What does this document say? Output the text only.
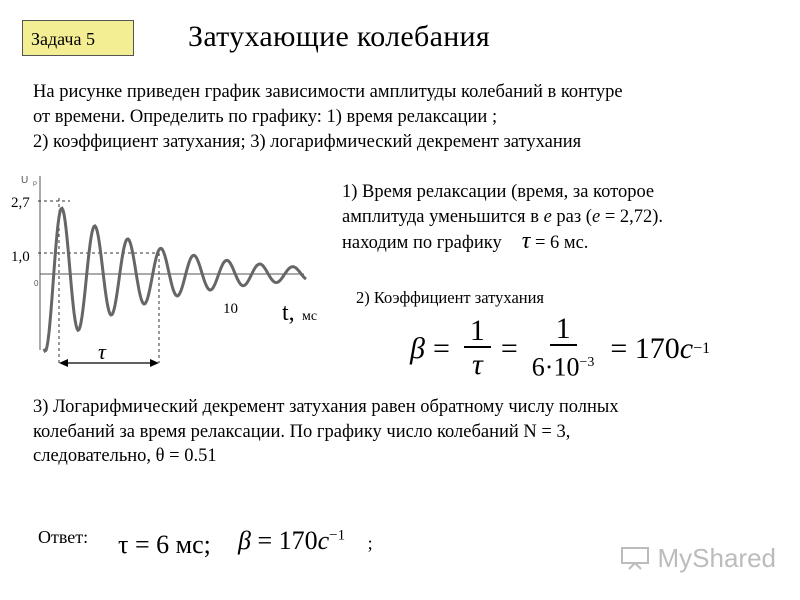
Задача 5	Затухающие колебания
На рисунке приведен график зависимости амплитуды колебаний в контуре
от времени. Определить по графику: 1) время релаксации ;
2) коэффициент затухания; 3) логарифмический декремент затухания
U P
2,7
1,0
0
10 t, мс
τ
1) Время релаксации (время, за которое
амплитуда уменьшится в е раз (е = 2,72).
находим по графику τ = 6 мс.
2) Коэффициент затухания
$\beta = \frac{1}{\tau} = \frac{1}{6\cdot 10^{-3}} = 170$ c −1
3) Логарифмический декремент затухания равен обратному числу полных
колебаний за время релаксации. По графику число колебаний N = 3,
следовательно, θ = 0.51
Ответ: τ = 6 мс; $\beta = 170c^{-1}$ ;	MyShared
